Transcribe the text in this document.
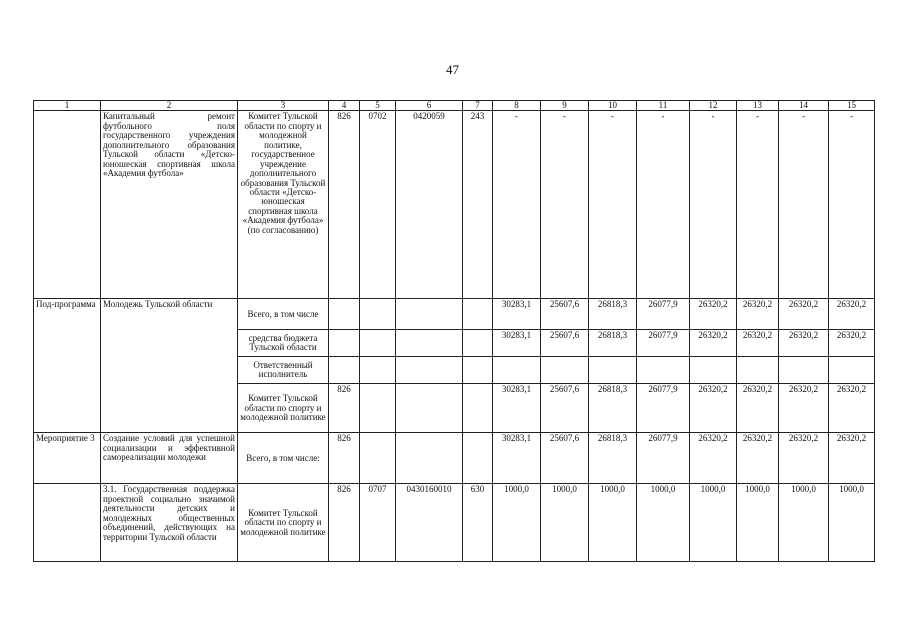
47
1	2	3	4	5	6	7	8	9	10	11	12	13	14	15
	Капитальный ремонт футбольного поля государственного учреждения дополнительного образования Тульской области «Детско-юношеская спортивная школа «Академия футбола»	Комитет Тульской области по спорту и молодежной политике, государственное учреждение дополнительного образования Тульской области «Детско-юношеская спортивная школа «Академия футбола» (по согласованию)	826	0702	0420059	243	-	-	-	-	-	-	-	-
Под-программа	Молодежь Тульской области	Всего, в том числе					30283,1	25607,6	26818,3	26077,9	26320,2	26320,2	26320,2	26320,2
		средства бюджета Тульской области					30283,1	25607,6	26818,3	26077,9	26320,2	26320,2	26320,2	26320,2
		Ответственный исполнитель												
		Комитет Тульской области по спорту и молодежной политике	826				30283,1	25607,6	26818,3	26077,9	26320,2	26320,2	26320,2	26320,2
Мероприятие 3	Создание условий для успешной социализации и эффективной самореализации молодежи	Всего, в том числе:	826				30283,1	25607,6	26818,3	26077,9	26320,2	26320,2	26320,2	26320,2
	3.1. Государственная поддержка проектной социально значимой деятельности детских и молодежных общественных объединений, действующих на территории Тульской области	Комитет Тульской области по спорту и молодежной политике	826	0707	0430160010	630	1000,0	1000,0	1000,0	1000,0	1000,0	1000,0	1000,0	1000,0
